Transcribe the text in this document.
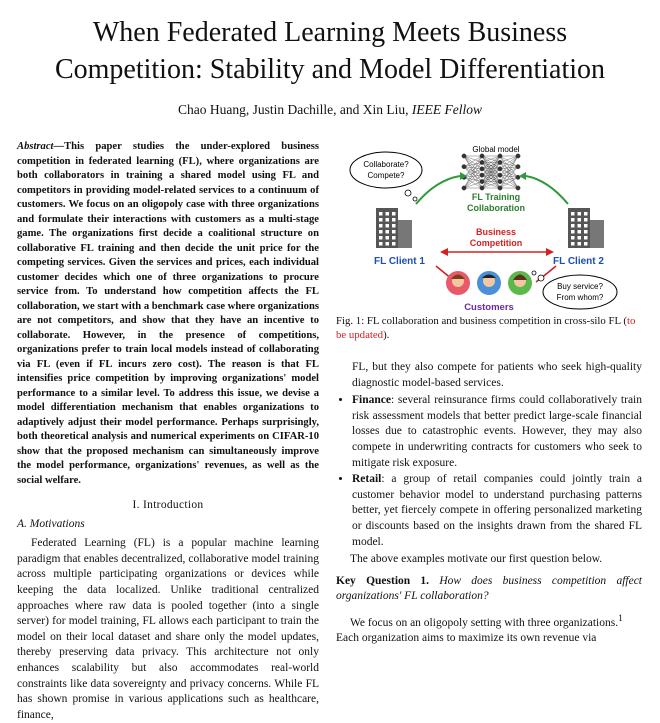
When Federated Learning Meets Business
Competition: Stability and Model Differentiation
Chao Huang, Justin Dachille, and Xin Liu, IEEE Fellow
Abstract—This paper studies the under-explored business competition in federated learning (FL), where organizations are both collaborators in training a shared model using FL and competitors in providing model-related services to a continuum of customers. We focus on an oligopoly case with three organizations and formulate their interactions with customers as a multi-stage game. The organizations first decide a coalitional structure on collaborative FL training and then decide the unit price for the competing services. Given the services and prices, each individual customer decides which one of three organizations to procure service from. To understand how competition affects the FL collaboration, we start with a benchmark case where organizations are not competitors, and show that they have an incentive to collaborate. However, in the presence of competitions, organizations prefer to train local models instead of collaborating via FL (even if FL incurs zero cost). The reason is that FL intensifies price competition by improving organizations' model performance to a similar level. To address this issue, we devise a model differentiation mechanism that enables organizations to adaptively adjust their model performance. Perhaps surprisingly, both theoretical analysis and numerical experiments on CIFAR-10 show that the proposed mechanism can simultaneously improve the model performance, organizations' revenues, as well as the social welfare.
I. Introduction
A. Motivations
Federated Learning (FL) is a popular machine learning paradigm that enables decentralized, collaborative model training across multiple participating organizations or devices while keeping the data localized. Unlike traditional centralized approaches where raw data is pooled together (into a single server) for model training, FL allows each participant to train the model on their local dataset and share only the model updates, thereby preserving data privacy. This architecture not only enhances scalability but also accommodates real-world constraints like data sovereignty and privacy concerns. While FL has shown promise in various applications such as healthcare, finance,
Global model
Collaborate?
Compete?
FL Training
Collaboration
Business
Competition
FL Client 1	FL Client 2
Customers
Buy service?
From whom?
Fig. 1: FL collaboration and business competition in cross-silo FL (to be updated).
FL, but they also compete for patients who seek high-quality diagnostic model-based services.
• Finance: several reinsurance firms could collaboratively train risk assessment models that better predict large-scale financial losses due to catastrophic events. However, they may also compete in underwriting contracts for customers who seek to mitigate risk exposure.
• Retail: a group of retail companies could jointly train a customer behavior model to understand purchasing patterns better, yet fiercely compete in offering personalized marketing or discounts based on the insights drawn from the shared FL model.
The above examples motivate our first question below.
Key Question 1. How does business competition affect organizations' FL collaboration?
We focus on an oligopoly setting with three organizations.$^1$
Each organization aims to maximize its own revenue via
